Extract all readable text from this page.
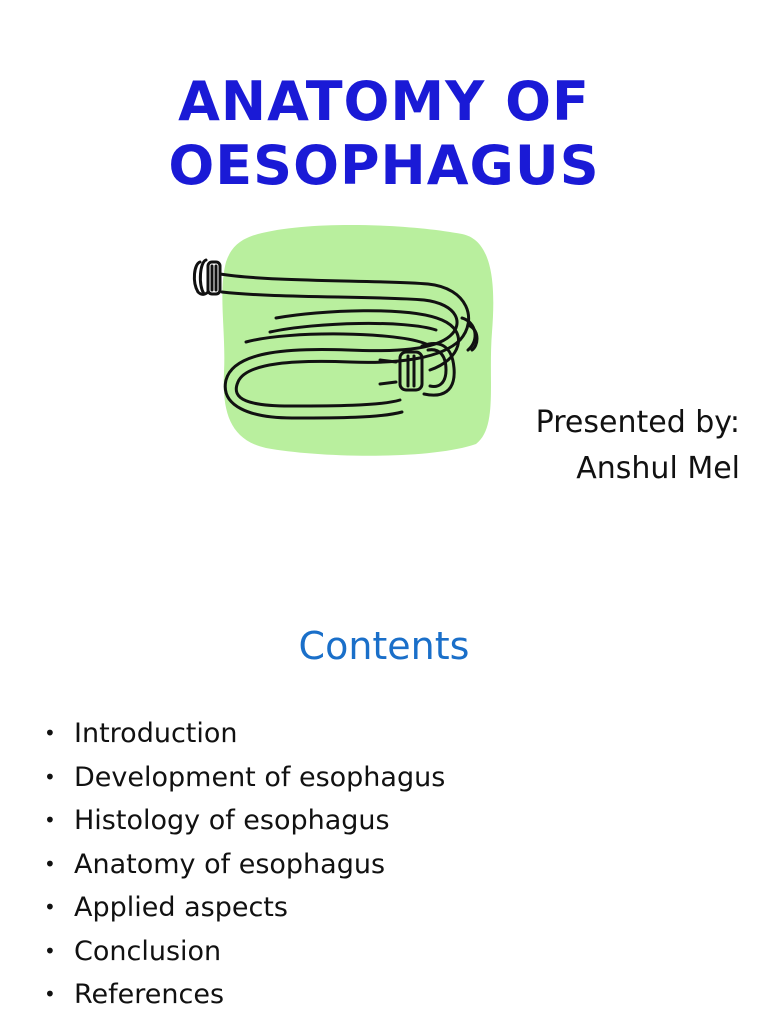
ANATOMY OF
OESOPHAGUS
Presented by:
Anshul Mel
Contents
• Introduction
• Development of esophagus
• Histology of esophagus
• Anatomy of esophagus
• Applied aspects
• Conclusion
• References
